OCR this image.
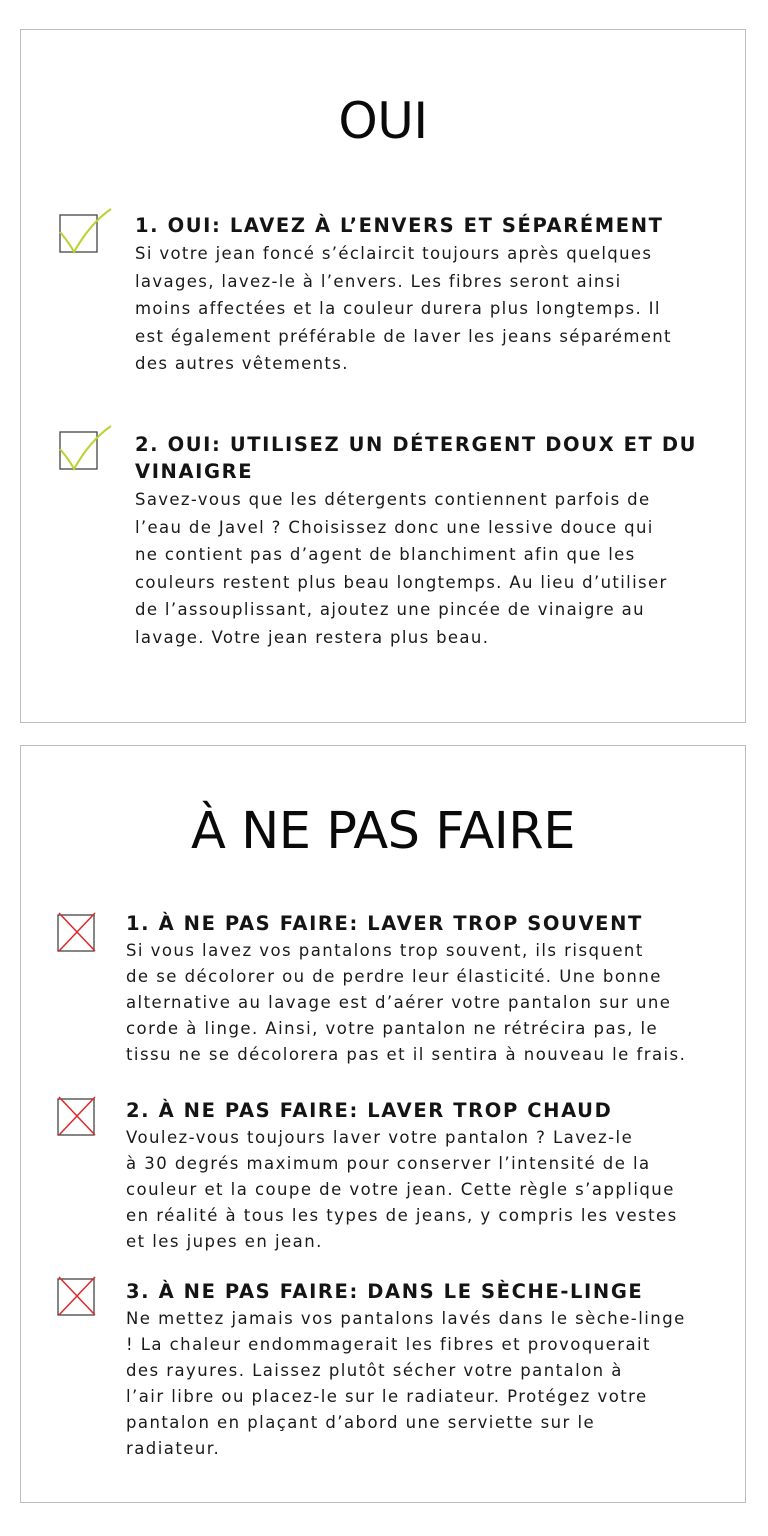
OUI
1. OUI: LAVEZ À L’ENVERS ET SÉPARÉMENT

Si votre jean foncé s’éclaircit toujours après quelques
lavages, lavez-le à l’envers. Les fibres seront ainsi
moins affectées et la couleur durera plus longtemps. Il
est également préférable de laver les jeans séparément
des autres vêtements.

2. OUI: UTILISEZ UN DÉTERGENT DOUX ET DU
VINAIGRE

Savez-vous que les détergents contiennent parfois de
l’eau de Javel ? Choisissez donc une lessive douce qui
ne contient pas d’agent de blanchiment afin que les
couleurs restent plus beau longtemps. Au lieu d’utiliser
de l’assouplissant, ajoutez une pincée de vinaigre au
lavage. Votre jean restera plus beau.

À NE PAS FAIRE
1. À NE PAS FAIRE: LAVER TROP SOUVENT

Si vous lavez vos pantalons trop souvent, ils risquent
de se décolorer ou de perdre leur élasticité. Une bonne
alternative au lavage est d’aérer votre pantalon sur une
corde à linge. Ainsi, votre pantalon ne rétrécira pas, le
tissu ne se décolorera pas et il sentira à nouveau le frais.

2. À NE PAS FAIRE: LAVER TROP CHAUD

Voulez-vous toujours laver votre pantalon ? Lavez-le
à 30 degrés maximum pour conserver l’intensité de la
couleur et la coupe de votre jean. Cette règle s’applique
en réalité à tous les types de jeans, y compris les vestes
et les jupes en jean.

3. À NE PAS FAIRE: DANS LE SÈCHE-LINGE

Ne mettez jamais vos pantalons lavés dans le sèche-linge
! La chaleur endommagerait les fibres et provoquerait
des rayures. Laissez plutôt sécher votre pantalon à
l’air libre ou placez-le sur le radiateur. Protégez votre
pantalon en plaçant d’abord une serviette sur le
radiateur.
